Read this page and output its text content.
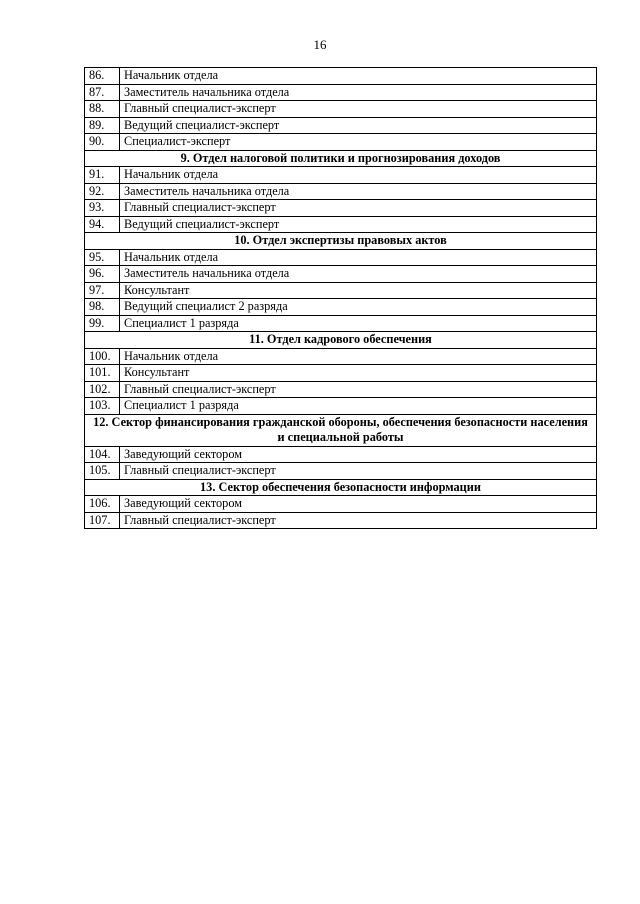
16
86.	Начальник отдела
87.	Заместитель начальника отдела
88.	Главный специалист-эксперт
89.	Ведущий специалист-эксперт
90.	Специалист-эксперт
9. Отдел налоговой политики и прогнозирования доходов	
91.	Начальник отдела
92.	Заместитель начальника отдела
93.	Главный специалист-эксперт
94.	Ведущий специалист-эксперт
10. Отдел экспертизы правовых актов	
95.	Начальник отдела
96.	Заместитель начальника отдела
97.	Консультант
98.	Ведущий специалист 2 разряда
99.	Специалист 1 разряда
11. Отдел кадрового обеспечения	
100.	Начальник отдела
101.	Консультант
102.	Главный специалист-эксперт
103.	Специалист 1 разряда
12. Сектор финансирования гражданской обороны, обеспечения безопасности населения и специальной работы	
104.	Заведующий сектором
105.	Главный специалист-эксперт
13. Сектор обеспечения безопасности информации	
106.	Заведующий сектором
107.	Главный специалист-эксперт
